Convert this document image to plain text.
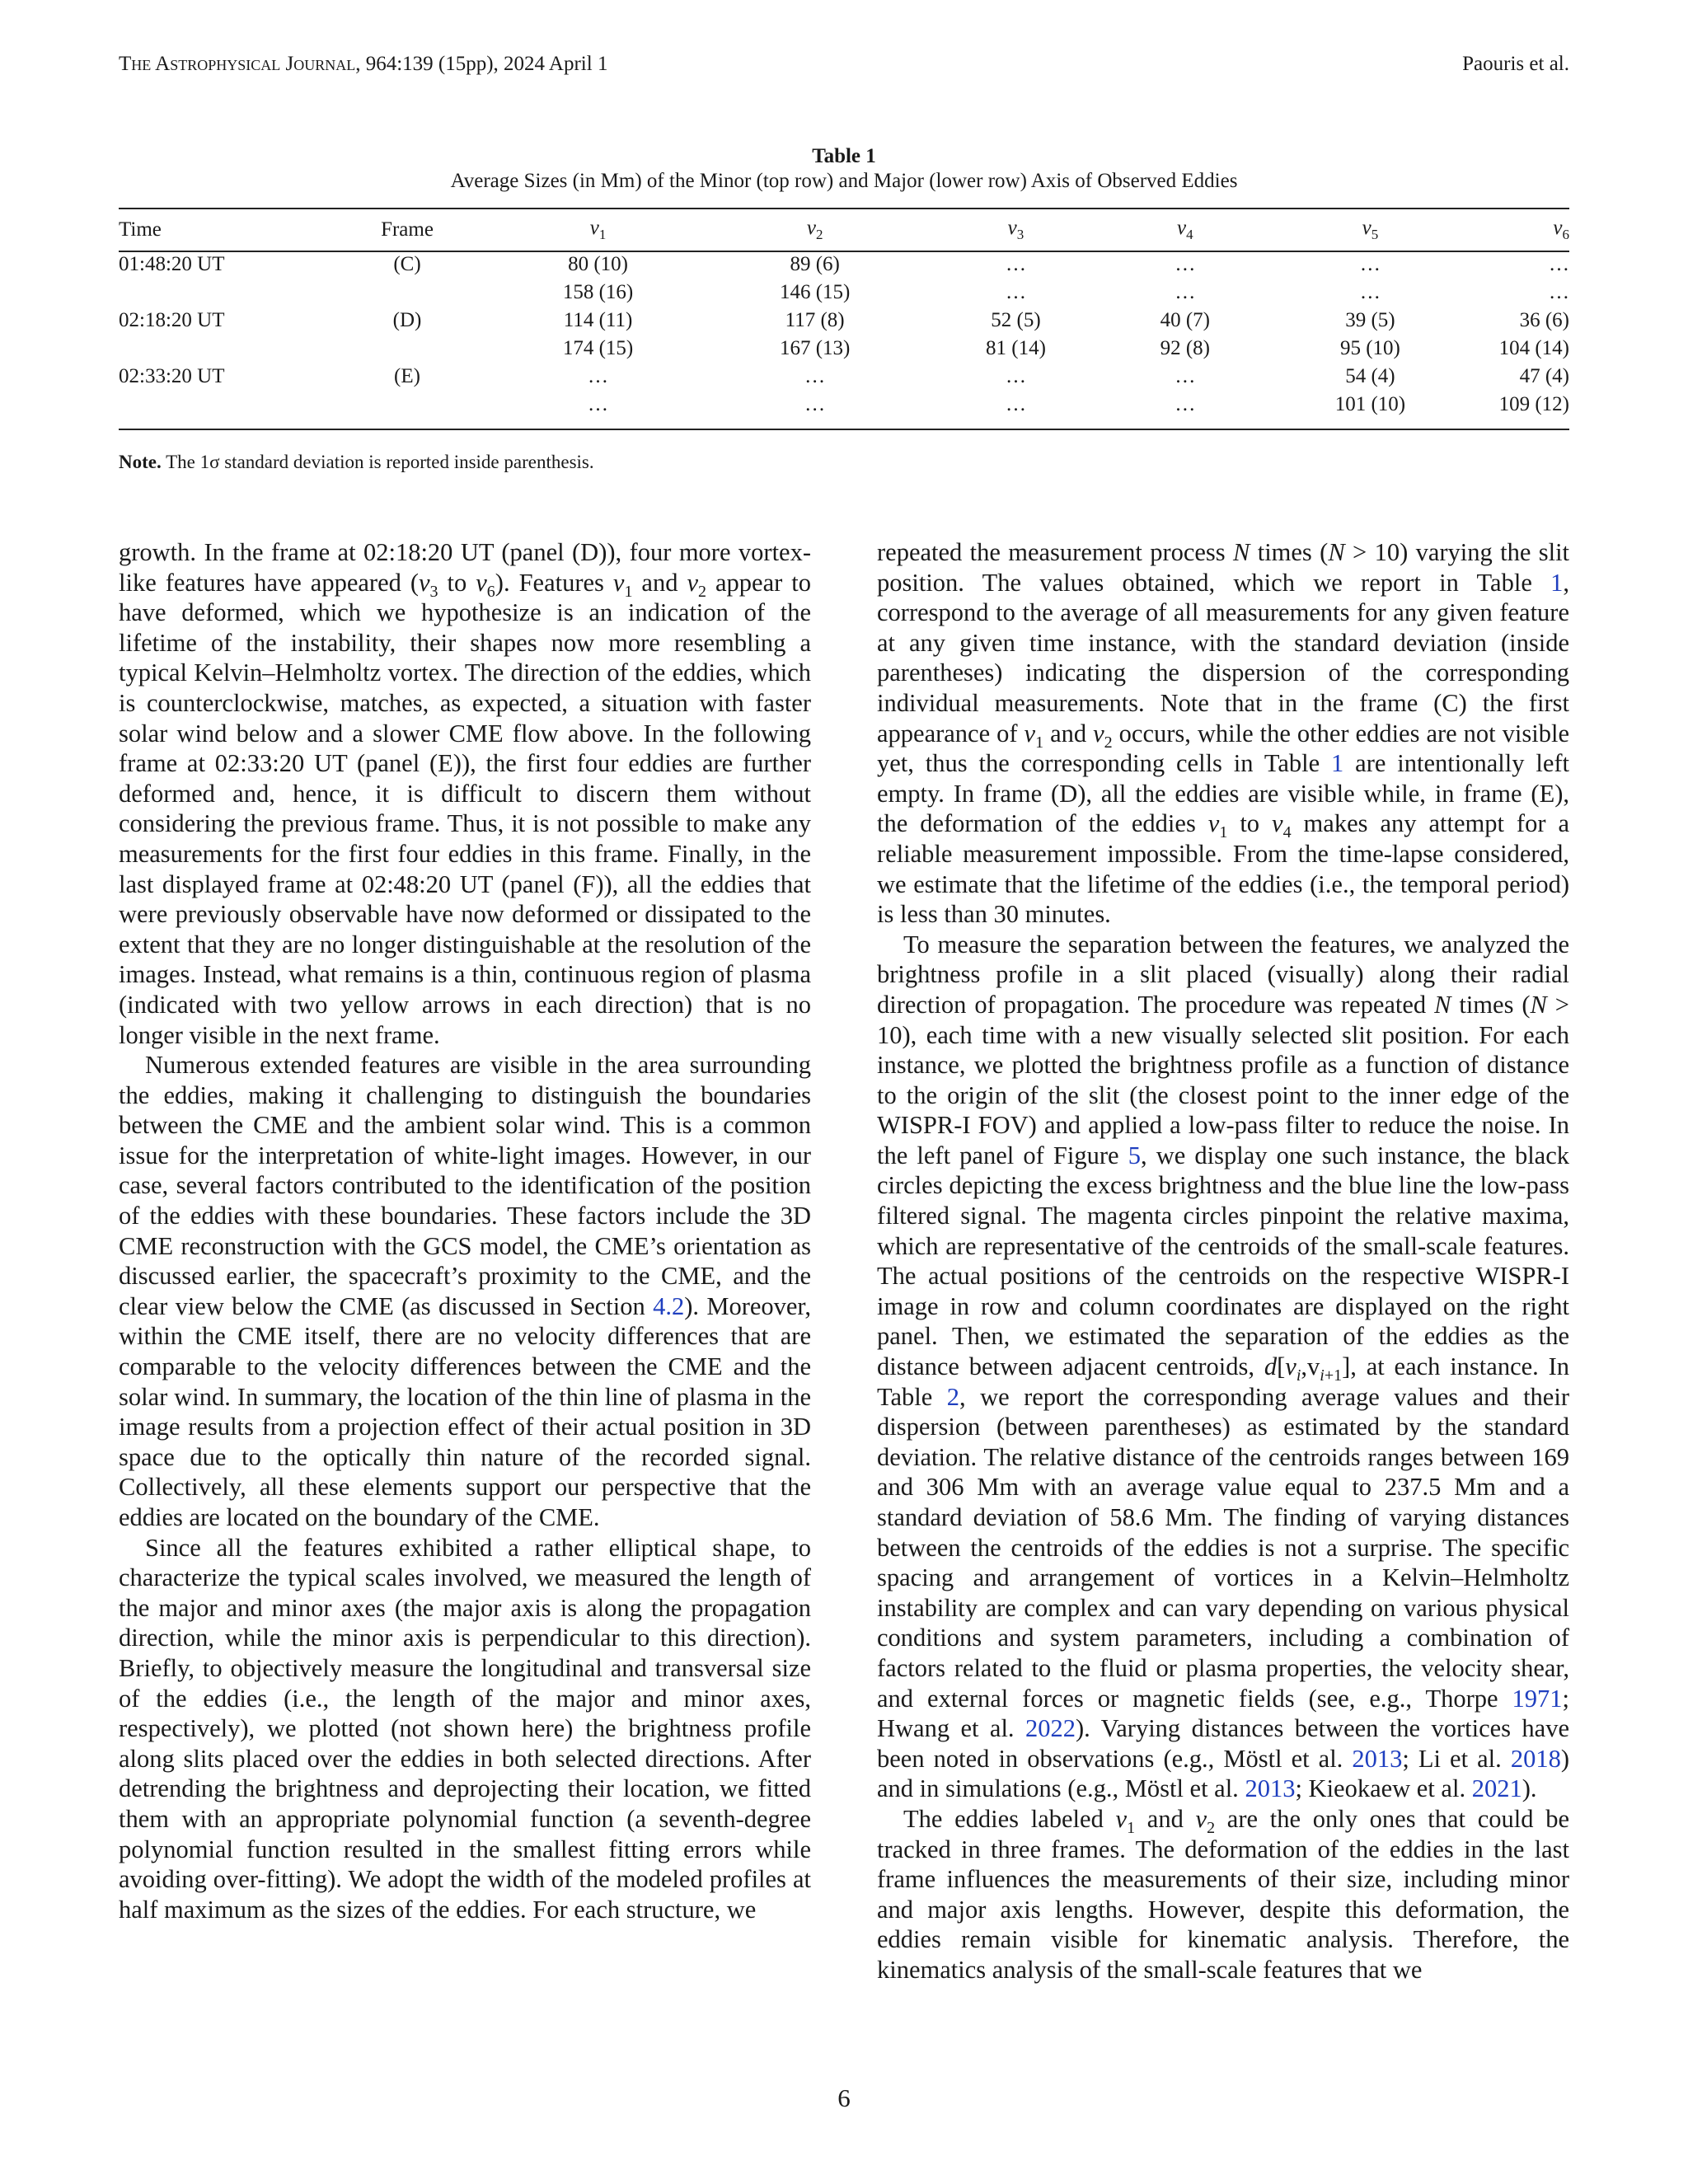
The Astrophysical Journal, 964:139 (15pp), 2024 April 1	Paouris et al.
Table 1
Average Sizes (in Mm) of the Minor (top row) and Major (lower row) Axis of Observed Eddies
Time	Frame	$v_1$	$v_2$	$v_3$	$v_4$	$v_5$	$v_6$
01:48:20 UT	(C)	80 (10)	89 (6)	…	…	…	…
		158 (16)	146 (15)	…	…	…	…
02:18:20 UT	(D)	114 (11)	117 (8)	52 (5)	40 (7)	39 (5)	36 (6)
		174 (15)	167 (13)	81 (14)	92 (8)	95 (10)	104 (14)
02:33:20 UT	(E)	…	…	…	…	54 (4)	47 (4)
		…	…	…	…	101 (10)	109 (12)
Note. The 1σ standard deviation is reported inside parenthesis.

growth. In the frame at 02:18:20 UT (panel (D)), four more vortex-like features have appeared ($v_3$ to $v_6$). Features $v_1$ and $v_2$ appear to have deformed, which we hypothesize is an indication of the lifetime of the instability, their shapes now more resembling a typical Kelvin–Helmholtz vortex. The direction of the eddies, which is counterclockwise, matches, as expected, a situation with faster solar wind below and a slower CME flow above. In the following frame at 02:33:20 UT (panel (E)), the first four eddies are further deformed and, hence, it is difficult to discern them without considering the previous frame. Thus, it is not possible to make any measurements for the first four eddies in this frame. Finally, in the last displayed frame at 02:48:20 UT (panel (F)), all the eddies that were previously observable have now deformed or dissipated to the extent that they are no longer distinguishable at the resolution of the images. Instead, what remains is a thin, continuous region of plasma (indicated with two yellow arrows in each direction) that is no longer visible in the next frame.

Numerous extended features are visible in the area surrounding the eddies, making it challenging to distinguish the boundaries between the CME and the ambient solar wind. This is a common issue for the interpretation of white-light images. However, in our case, several factors contributed to the identification of the position of the eddies with these boundaries. These factors include the 3D CME reconstruction with the GCS model, the CME’s orientation as discussed earlier, the spacecraft’s proximity to the CME, and the clear view below the CME (as discussed in Section 4.2). Moreover, within the CME itself, there are no velocity differences that are comparable to the velocity differences between the CME and the solar wind. In summary, the location of the thin line of plasma in the image results from a projection effect of their actual position in 3D space due to the optically thin nature of the recorded signal. Collectively, all these elements support our perspective that the eddies are located on the boundary of the CME.

Since all the features exhibited a rather elliptical shape, to characterize the typical scales involved, we measured the length of the major and minor axes (the major axis is along the propagation direction, while the minor axis is perpendicular to this direction). Briefly, to objectively measure the longitudinal and transversal size of the eddies (i.e., the length of the major and minor axes, respectively), we plotted (not shown here) the brightness profile along slits placed over the eddies in both selected directions. After detrending the brightness and deprojecting their location, we fitted them with an appropriate polynomial function (a seventh-degree polynomial function resulted in the smallest fitting errors while avoiding over-fitting). We adopt the width of the modeled profiles at half maximum as the sizes of the eddies. For each structure, we

repeated the measurement process N times (N > 10) varying the slit position. The values obtained, which we report in Table 1, correspond to the average of all measurements for any given feature at any given time instance, with the standard deviation (inside parentheses) indicating the dispersion of the corresponding individual measurements. Note that in the frame (C) the first appearance of $v_1$ and $v_2$ occurs, while the other eddies are not visible yet, thus the corresponding cells in Table 1 are intentionally left empty. In frame (D), all the eddies are visible while, in frame (E), the deformation of the eddies $v_1$ to $v_4$ makes any attempt for a reliable measurement impossible. From the time-lapse considered, we estimate that the lifetime of the eddies (i.e., the temporal period) is less than 30 minutes.

To measure the separation between the features, we analyzed the brightness profile in a slit placed (visually) along their radial direction of propagation. The procedure was repeated N times (N > 10), each time with a new visually selected slit position. For each instance, we plotted the brightness profile as a function of distance to the origin of the slit (the closest point to the inner edge of the WISPR-I FOV) and applied a low-pass filter to reduce the noise. In the left panel of Figure 5, we display one such instance, the black circles depicting the excess brightness and the blue line the low-pass filtered signal. The magenta circles pinpoint the relative maxima, which are representative of the centroids of the small-scale features. The actual positions of the centroids on the respective WISPR-I image in row and column coordinates are displayed on the right panel. Then, we estimated the separation of the eddies as the distance between adjacent centroids, $d[v_i,v_{i+1}]$, at each instance. In Table 2, we report the corresponding average values and their dispersion (between parentheses) as estimated by the standard deviation. The relative distance of the centroids ranges between 169 and 306 Mm with an average value equal to 237.5 Mm and a standard deviation of 58.6 Mm. The finding of varying distances between the centroids of the eddies is not a surprise. The specific spacing and arrangement of vortices in a Kelvin–Helmholtz instability are complex and can vary depending on various physical conditions and system parameters, including a combination of factors related to the fluid or plasma properties, the velocity shear, and external forces or magnetic fields (see, e.g., Thorpe 1971; Hwang et al. 2022). Varying distances between the vortices have been noted in observations (e.g., Möstl et al. 2013; Li et al. 2018) and in simulations (e.g., Möstl et al. 2013; Kieokaew et al. 2021).

The eddies labeled $v_1$ and $v_2$ are the only ones that could be tracked in three frames. The deformation of the eddies in the last frame influences the measurements of their size, including minor and major axis lengths. However, despite this deformation, the eddies remain visible for kinematic analysis. Therefore, the kinematics analysis of the small-scale features that we

6
